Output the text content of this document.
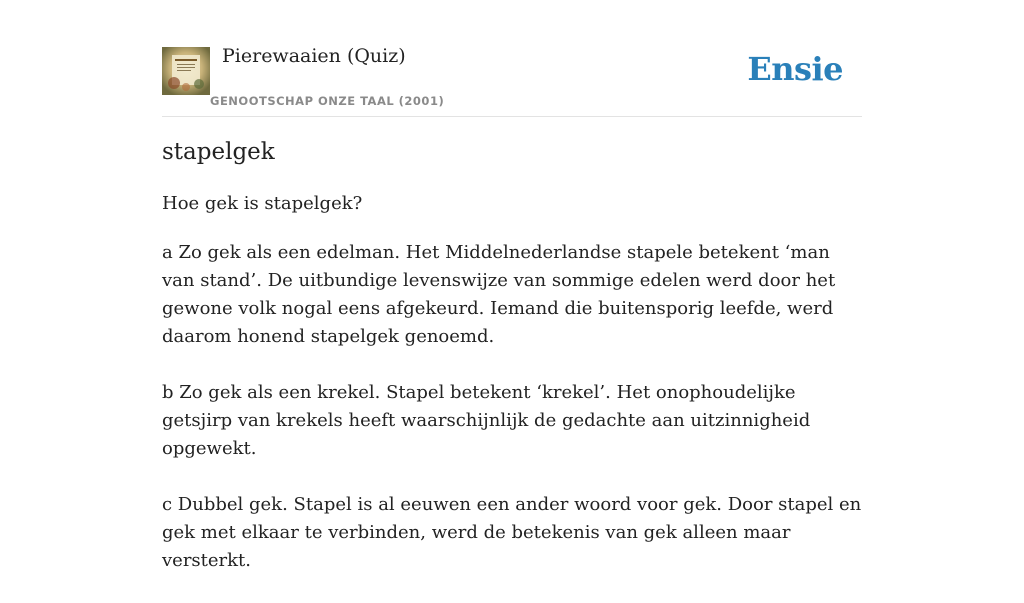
Pierewaaien (Quiz)
GENOOTSCHAP ONZE TAAL (2001)
Ensie
stapelgek

Hoe gek is stapelgek?

a Zo gek als een edelman. Het Middelnederlandse stapele betekent ‘man van stand’. De uitbundige levenswijze van sommige edelen werd door het gewone volk nogal eens afgekeurd. Iemand die buitensporig leefde, werd daarom honend stapelgek genoemd.

b Zo gek als een krekel. Stapel betekent ‘krekel’. Het onophoudelijke getsjirp van krekels heeft waarschijnlijk de gedachte aan uitzinnigheid opgewekt.

c Dubbel gek. Stapel is al eeuwen een ander woord voor gek. Door stapel en gek met elkaar te verbinden, werd de betekenis van gek alleen maar versterkt.
